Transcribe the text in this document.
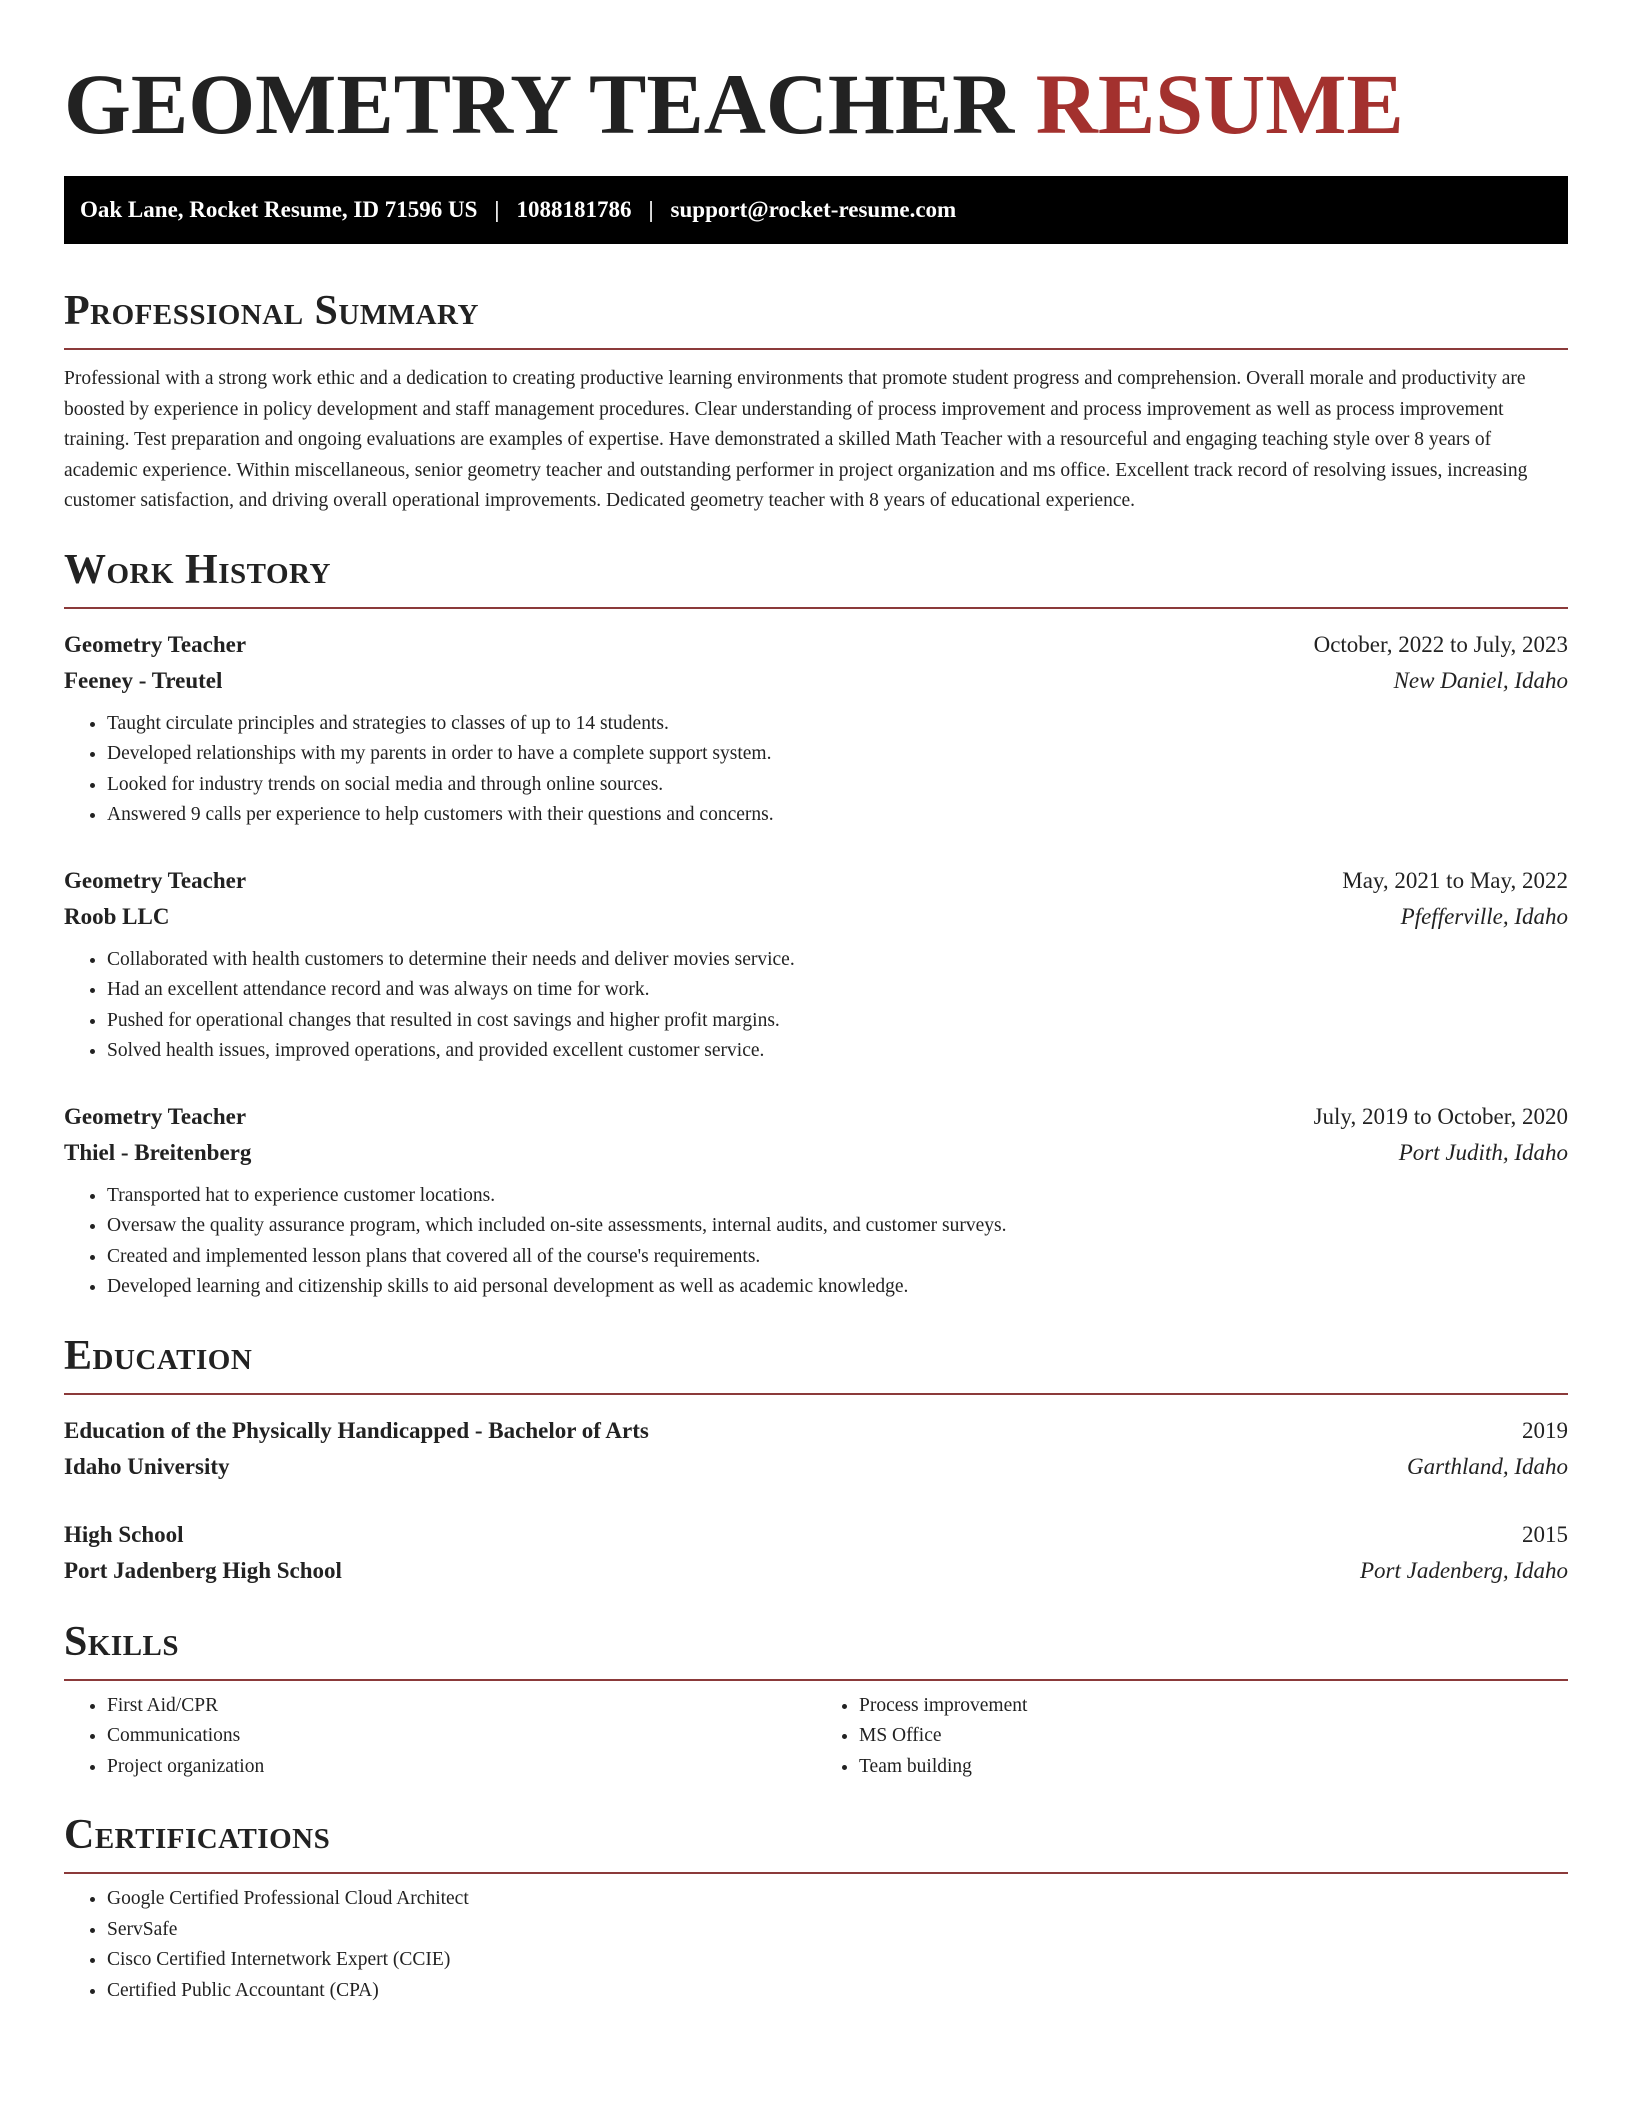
GEOMETRY TEACHER RESUME
Oak Lane, Rocket Resume, ID 71596 US | 1088181786 | support@rocket-resume.com
Professional Summary

Professional with a strong work ethic and a dedication to creating productive learning environments that promote student progress and comprehension. Overall morale and productivity are boosted by experience in policy development and staff management procedures. Clear understanding of process improvement and process improvement as well as process improvement training. Test preparation and ongoing evaluations are examples of expertise. Have demonstrated a skilled Math Teacher with a resourceful and engaging teaching style over 8 years of academic experience. Within miscellaneous, senior geometry teacher and outstanding performer in project organization and ms office. Excellent track record of resolving issues, increasing customer satisfaction, and driving overall operational improvements. Dedicated geometry teacher with 8 years of educational experience.

Work History
Geometry Teacher	October, 2022 to July, 2023
Feeney - Treutel	New Daniel, Idaho
• Taught circulate principles and strategies to classes of up to 14 students.
• Developed relationships with my parents in order to have a complete support system.
• Looked for industry trends on social media and through online sources.
• Answered 9 calls per experience to help customers with their questions and concerns.
Geometry Teacher	May, 2021 to May, 2022
Roob LLC	Pfefferville, Idaho
• Collaborated with health customers to determine their needs and deliver movies service.
• Had an excellent attendance record and was always on time for work.
• Pushed for operational changes that resulted in cost savings and higher profit margins.
• Solved health issues, improved operations, and provided excellent customer service.
Geometry Teacher	July, 2019 to October, 2020
Thiel - Breitenberg	Port Judith, Idaho
• Transported hat to experience customer locations.
• Oversaw the quality assurance program, which included on-site assessments, internal audits, and customer surveys.
• Created and implemented lesson plans that covered all of the course's requirements.
• Developed learning and citizenship skills to aid personal development as well as academic knowledge.
Education
Education of the Physically Handicapped - Bachelor of Arts	2019
Idaho University	Garthland, Idaho
High School	2015
Port Jadenberg High School	Port Jadenberg, Idaho
Skills
• First Aid/CPR
• Communications
• Project organization
• Process improvement
• MS Office
• Team building
Certifications
• Google Certified Professional Cloud Architect
• ServSafe
• Cisco Certified Internetwork Expert (CCIE)
• Certified Public Accountant (CPA)
